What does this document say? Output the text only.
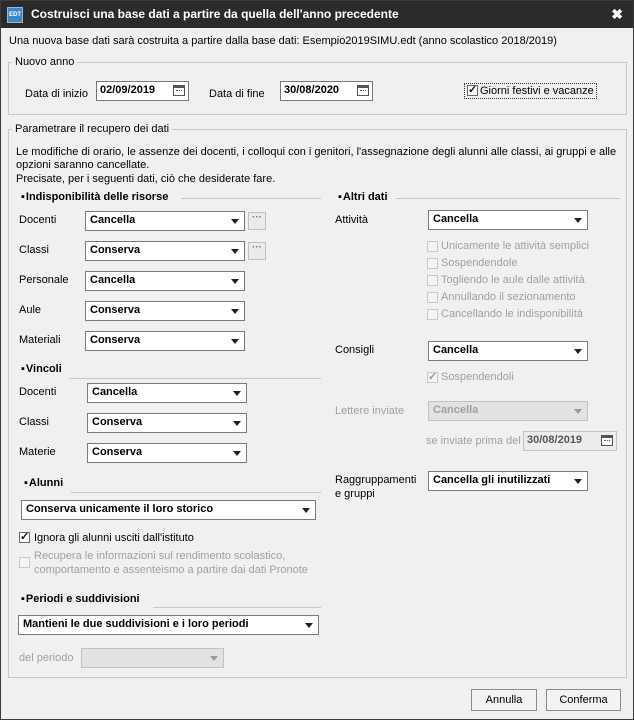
EDT Costruisci una base dati a partire da quella dell'anno precedente	✖
Una nuova base dati sarà costruita a partire dalla base dati: Esempio2019SIMU.edt (anno scolastico 2018/2019)
Nuovo anno
Data di inizio	02/09/2019	Data di fine	30/08/2020
✓	Giorni festivi e vacanze
Parametrare il recupero dei dati
Le modifiche di orario, le assenze dei docenti, i colloqui con i genitori, l'assegnazione degli alunni alle classi, ai gruppi e alle
opzioni saranno cancellate.
Precisate, per i seguenti dati, ciò che desiderate fare.
▪ Indisponibilità delle risorse
Docenti	Cancella	···
Classi	Conserva	···
Personale	Cancella
Aule	Conserva
Materiali	Conserva
▪ Vincoli
Docenti	Cancella
Classi	Conserva
Materie	Conserva
▪ Alunni
Conserva unicamente il loro storico
✓
Ignora gli alunni usciti dall'istituto
Recupera le informazioni sul rendimento scolastico,
comportamento e assenteismo a partire dai dati Pronote
▪ Periodi e suddivisioni
Mantieni le due suddivisioni e i loro periodi
del periodo
▪ Altri dati
Attività	Cancella
Unicamente le attività semplici
Sospendendole
Togliendo le aule dalle attività
Annullando il sezionamento
Cancellando le indisponibilità
Consigli	Cancella
✓
Sospendendoli
Lettere inviate	Cancella
se inviate prima del 30/08/2019
Raggruppamenti
e gruppi
Cancella gli inutilizzati
Annulla	Conferma
